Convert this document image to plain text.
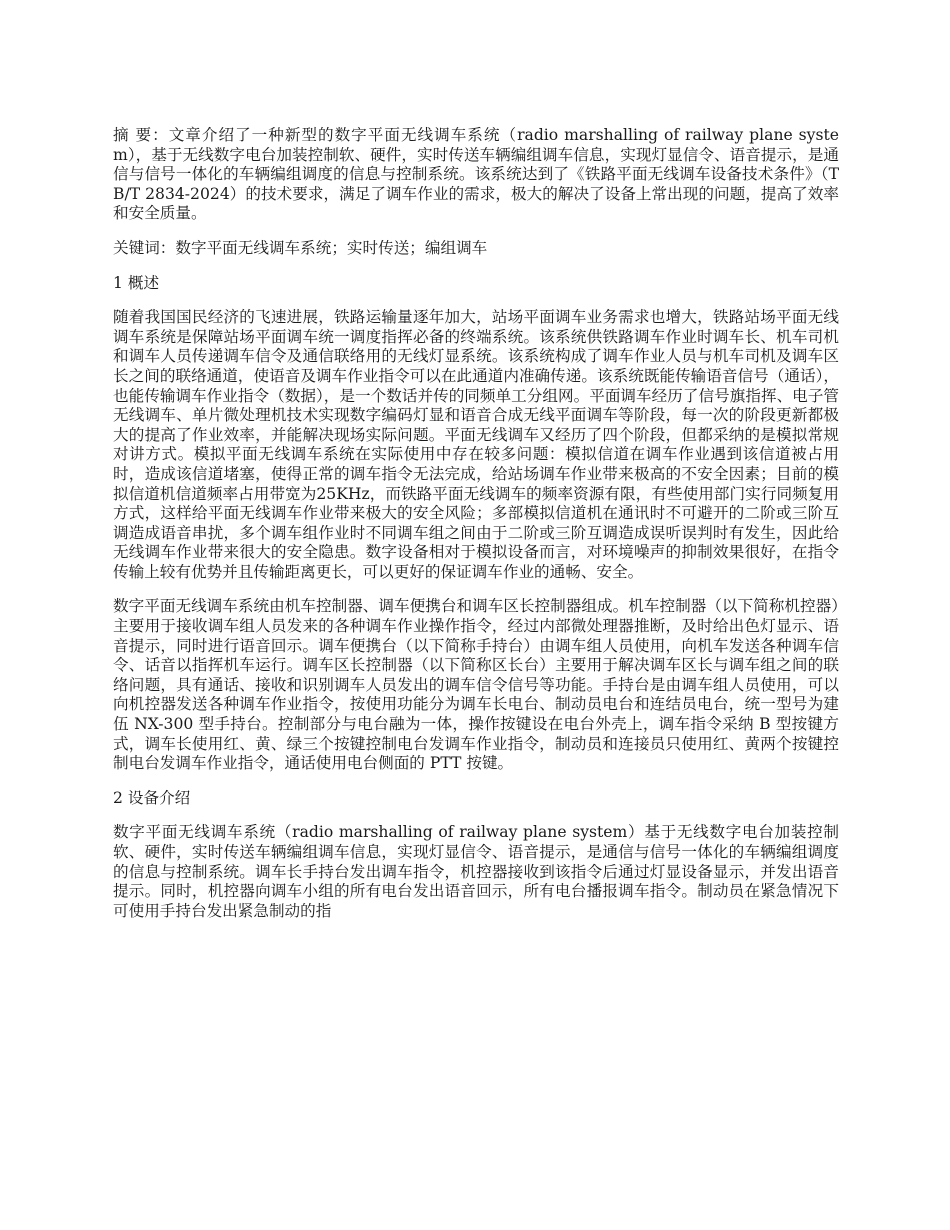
摘 要：文章介绍了一种新型的数字平面无线调车系统（radio marshalling of railway plane system），基于无线数字电台加装控制软、硬件，实时传送车辆编组调车信息，实现灯显信令、语音提示，是通信与信号一体化的车辆编组调度的信息与控制系统。该系统达到了《铁路平面无线调车设备技术条件》（TB/T 2834-2024）的技术要求，满足了调车作业的需求，极大的解决了设备上常出现的问题，提高了效率和安全质量。

关键词：数字平面无线调车系统；实时传送；编组调车

1 概述

随着我国国民经济的飞速进展，铁路运输量逐年加大，站场平面调车业务需求也增大，铁路站场平面无线调车系统是保障站场平面调车统一调度指挥必备的终端系统。该系统供铁路调车作业时调车长、机车司机和调车人员传递调车信令及通信联络用的无线灯显系统。该系统构成了调车作业人员与机车司机及调车区长之间的联络通道，使语音及调车作业指令可以在此通道内准确传递。该系统既能传输语音信号（通话），也能传输调车作业指令（数据），是一个数话并传的同频单工分组网。平面调车经历了信号旗指挥、电子管无线调车、单片微处理机技术实现数字编码灯显和语音合成无线平面调车等阶段，每一次的阶段更新都极大的提高了作业效率，并能解决现场实际问题。平面无线调车又经历了四个阶段，但都采纳的是模拟常规对讲方式。模拟平面无线调车系统在实际使用中存在较多问题：模拟信道在调车作业遇到该信道被占用时，造成该信道堵塞，使得正常的调车指令无法完成，给站场调车作业带来极高的不安全因素；目前的模拟信道机信道频率占用带宽为25KHz，而铁路平面无线调车的频率资源有限，有些使用部门实行同频复用方式，这样给平面无线调车作业带来极大的安全风险；多部模拟信道机在通讯时不可避开的二阶或三阶互调造成语音串扰，多个调车组作业时不同调车组之间由于二阶或三阶互调造成误听误判时有发生，因此给无线调车作业带来很大的安全隐患。数字设备相对于模拟设备而言，对环境噪声的抑制效果很好，在指令传输上较有优势并且传输距离更长，可以更好的保证调车作业的通畅、安全。

数字平面无线调车系统由机车控制器、调车便携台和调车区长控制器组成。机车控制器（以下简称机控器）主要用于接收调车组人员发来的各种调车作业操作指令，经过内部微处理器推断，及时给出色灯显示、语音提示，同时进行语音回示。调车便携台（以下简称手持台）由调车组人员使用，向机车发送各种调车信令、话音以指挥机车运行。调车区长控制器（以下简称区长台）主要用于解决调车区长与调车组之间的联络问题，具有通话、接收和识别调车人员发出的调车信令信号等功能。手持台是由调车组人员使用，可以向机控器发送各种调车作业指令，按使用功能分为调车长电台、制动员电台和连结员电台，统一型号为建伍 NX-300 型手持台。控制部分与电台融为一体，操作按键设在电台外壳上，调车指令采纳 B 型按键方式，调车长使用红、黄、绿三个按键控制电台发调车作业指令，制动员和连接员只使用红、黄两个按键控制电台发调车作业指令，通话使用电台侧面的 PTT 按键。

2 设备介绍

数字平面无线调车系统（radio marshalling of railway plane system）基于无线数字电台加装控制软、硬件，实时传送车辆编组调车信息，实现灯显信令、语音提示，是通信与信号一体化的车辆编组调度的信息与控制系统。调车长手持台发出调车指令，机控器接收到该指令后通过灯显设备显示，并发出语音提示。同时，机控器向调车小组的所有电台发出语音回示，所有电台播报调车指令。制动员在紧急情况下可使用手持台发出紧急制动的指
